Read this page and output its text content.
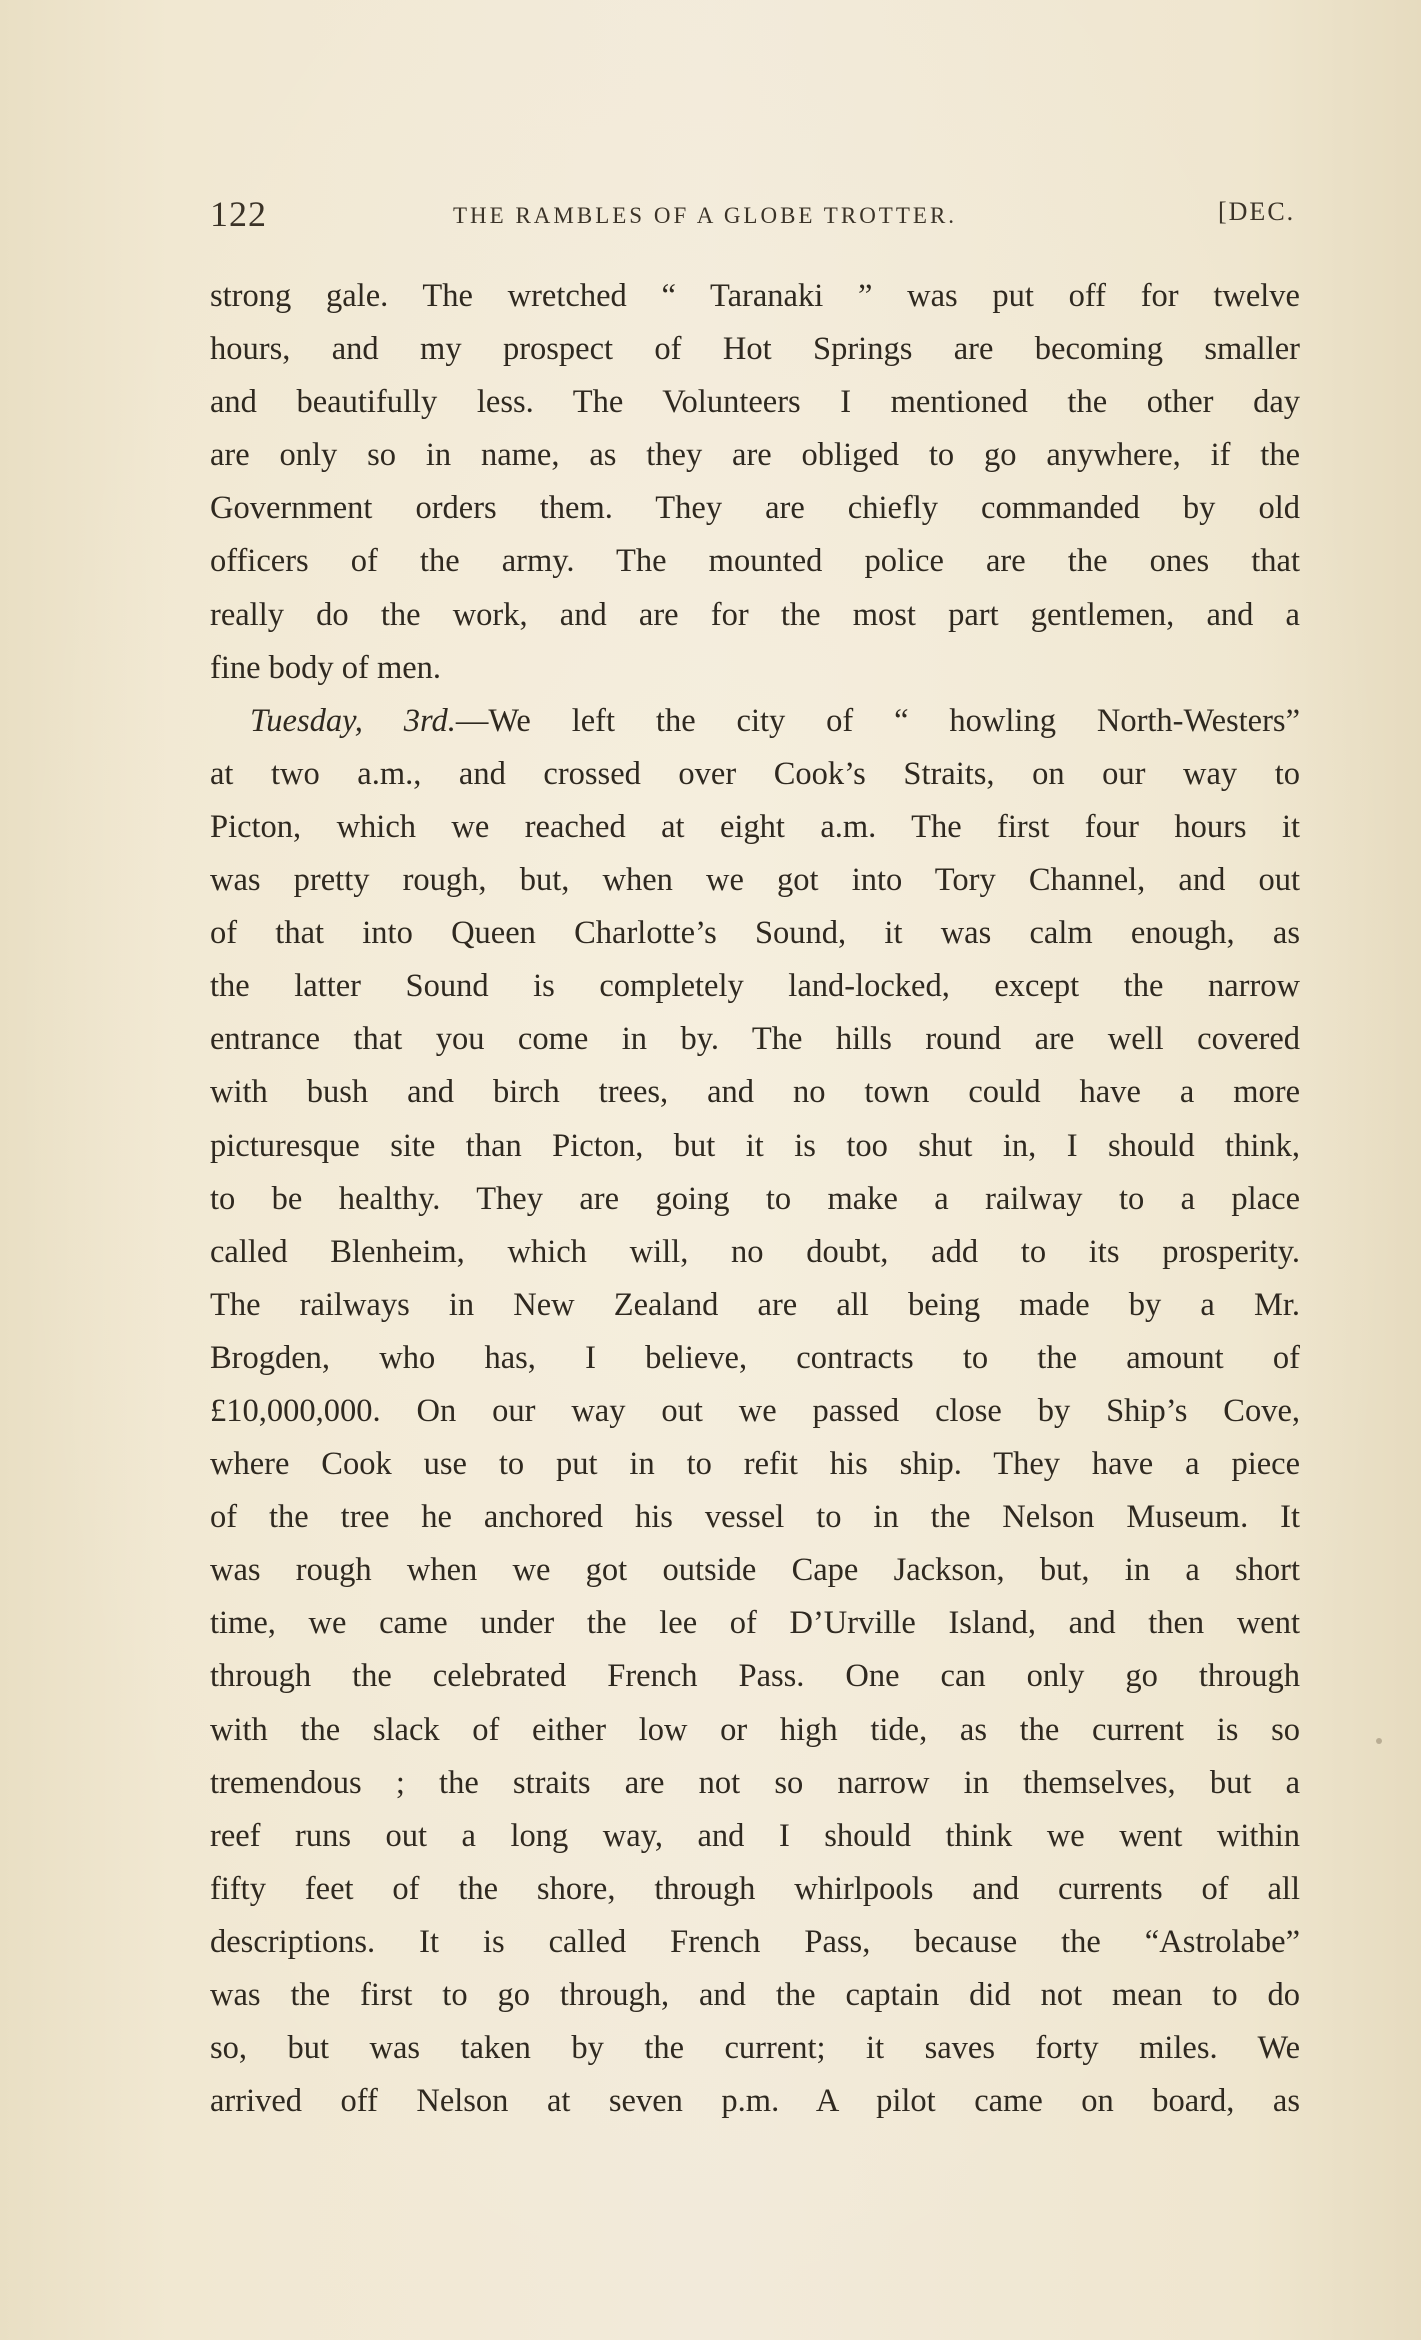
122	THE RAMBLES OF A GLOBE TROTTER.	[DEC.
strong gale. The wretched “ Taranaki ” was put off for twelve
hours, and my prospect of Hot Springs are becoming smaller
and beautifully less. The Volunteers I mentioned the other day
are only so in name, as they are obliged to go anywhere, if the
Government orders them. They are chiefly commanded by old
officers of the army. The mounted police are the ones that
really do the work, and are for the most part gentlemen, and a
fine body of men.
Tuesday, 3rd.—We left the city of “ howling North-Westers”
at two a.m., and crossed over Cook’s Straits, on our way to
Picton, which we reached at eight a.m. The first four hours it
was pretty rough, but, when we got into Tory Channel, and out
of that into Queen Charlotte’s Sound, it was calm enough, as
the latter Sound is completely land-locked, except the narrow
entrance that you come in by. The hills round are well covered
with bush and birch trees, and no town could have a more
picturesque site than Picton, but it is too shut in, I should think,
to be healthy. They are going to make a railway to a place
called Blenheim, which will, no doubt, add to its prosperity.
The railways in New Zealand are all being made by a Mr.
Brogden, who has, I believe, contracts to the amount of
£10,000,000. On our way out we passed close by Ship’s Cove,
where Cook use to put in to refit his ship. They have a piece
of the tree he anchored his vessel to in the Nelson Museum. It
was rough when we got outside Cape Jackson, but, in a short
time, we came under the lee of D’Urville Island, and then went
through the celebrated French Pass. One can only go through
with the slack of either low or high tide, as the current is so
tremendous ; the straits are not so narrow in themselves, but a
reef runs out a long way, and I should think we went within
fifty feet of the shore, through whirlpools and currents of all
descriptions. It is called French Pass, because the “Astrolabe”
was the first to go through, and the captain did not mean to do
so, but was taken by the current; it saves forty miles. We
arrived off Nelson at seven p.m. A pilot came on board, as
